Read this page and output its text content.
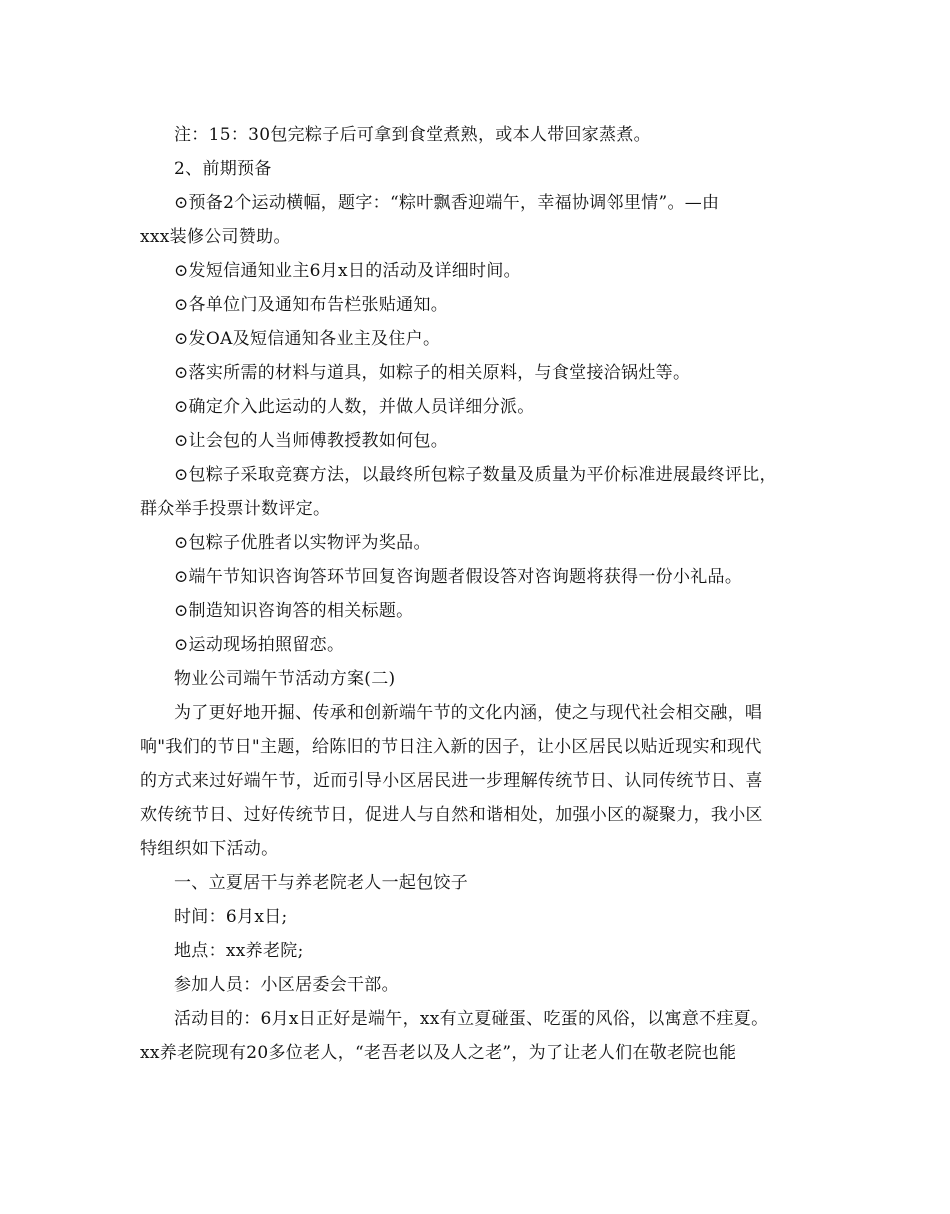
注：15：30包完粽子后可拿到食堂煮熟，或本人带回家蒸煮。
2、前期预备
⊙预备2个运动横幅，题字：“粽叶飘香迎端午，幸福协调邻里情”。—由
xxx装修公司赞助。
⊙发短信通知业主6月x日的活动及详细时间。
⊙各单位门及通知布告栏张贴通知。
⊙发OA及短信通知各业主及住户。
⊙落实所需的材料与道具，如粽子的相关原料，与食堂接洽锅灶等。
⊙确定介入此运动的人数，并做人员详细分派。
⊙让会包的人当师傅教授教如何包。
⊙包粽子采取竞赛方法，以最终所包粽子数量及质量为平价标准进展最终评比，
群众举手投票计数评定。
⊙包粽子优胜者以实物评为奖品。
⊙端午节知识咨询答环节回复咨询题者假设答对咨询题将获得一份小礼品。
⊙制造知识咨询答的相关标题。
⊙运动现场拍照留恋。
物业公司端午节活动方案(二)
为了更好地开掘、传承和创新端午节的文化内涵，使之与现代社会相交融，唱
响"我们的节日"主题，给陈旧的节日注入新的因子，让小区居民以贴近现实和现代
的方式来过好端午节，近而引导小区居民进一步理解传统节日、认同传统节日、喜
欢传统节日、过好传统节日，促进人与自然和谐相处，加强小区的凝聚力，我小区
特组织如下活动。
一、立夏居干与养老院老人一起包饺子
时间：6月x日;
地点：xx养老院;
参加人员：小区居委会干部。
活动目的：6月x日正好是端午，xx有立夏碰蛋、吃蛋的风俗，以寓意不疰夏。
xx养老院现有20多位老人，“老吾老以及人之老”，为了让老人们在敬老院也能
